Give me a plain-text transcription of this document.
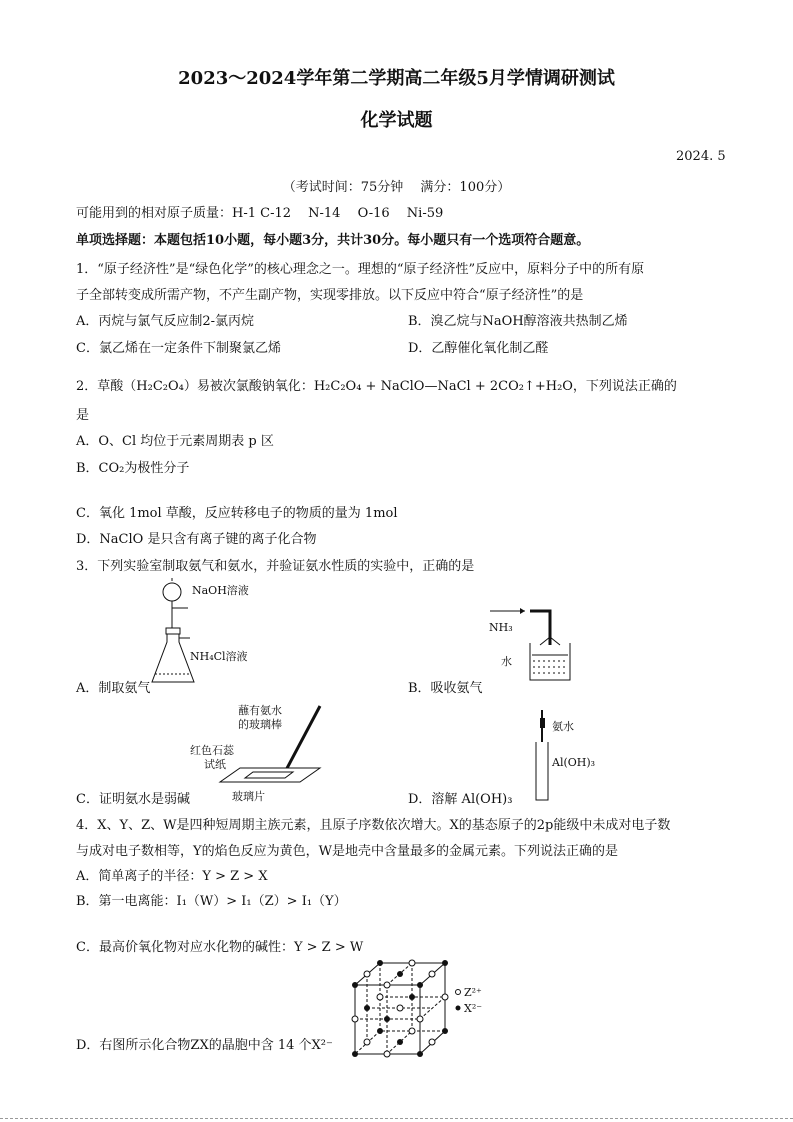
2023～2024学年第二学期高二年级5月学情调研测试
化学试题
2024. 5
（考试时间：75分钟　 满分：100分）
可能用到的相对原子质量：H-1 C-12　 N-14　 O-16　 Ni-59
单项选择题：本题包括10小题，每小题3分，共计30分。每小题只有一个选项符合题意。
1．“原子经济性”是“绿色化学”的核心理念之一。理想的“原子经济性”反应中，原料分子中的所有原
子全部转变成所需产物，不产生副产物，实现零排放。以下反应中符合“原子经济性”的是
A．丙烷与氯气反应制2-氯丙烷	B．溴乙烷与NaOH醇溶液共热制乙烯
C．氯乙烯在一定条件下制聚氯乙烯	D．乙醇催化氧化制乙醛
2．草酸（H₂C₂O₄）易被次氯酸钠氧化：H₂C₂O₄ + NaClO—NaCl + 2CO₂↑+H₂O，下列说法正确的
是
A．O、Cl 均位于元素周期表 p 区
B．CO₂为极性分子
C．氧化 1mol 草酸，反应转移电子的物质的量为 1mol
D．NaClO 是只含有离子键的离子化合物
3．下列实验室制取氨气和氨水，并验证氨水性质的实验中，正确的是
A．制取氨气	B．吸收氨气
C．证明氨水是弱碱	D．溶解 Al(OH)₃
NaOH溶液
NH₄Cl溶液
NH₃
水
蘸有氨水
的玻璃棒
红色石蕊
试纸
玻璃片
氨水
Al(OH)₃
4．X、Y、Z、W是四种短周期主族元素，且原子序数依次增大。X的基态原子的2p能级中未成对电子数
与成对电子数相等，Y的焰色反应为黄色，W是地壳中含量最多的金属元素。下列说法正确的是
A．简单离子的半径：Y > Z > X
B．第一电离能：I₁（W）> I₁（Z）> I₁（Y）
C．最高价氧化物对应水化物的碱性：Y > Z > W
D．右图所示化合物ZX的晶胞中含 14 个X²⁻
Z²⁺
X²⁻
